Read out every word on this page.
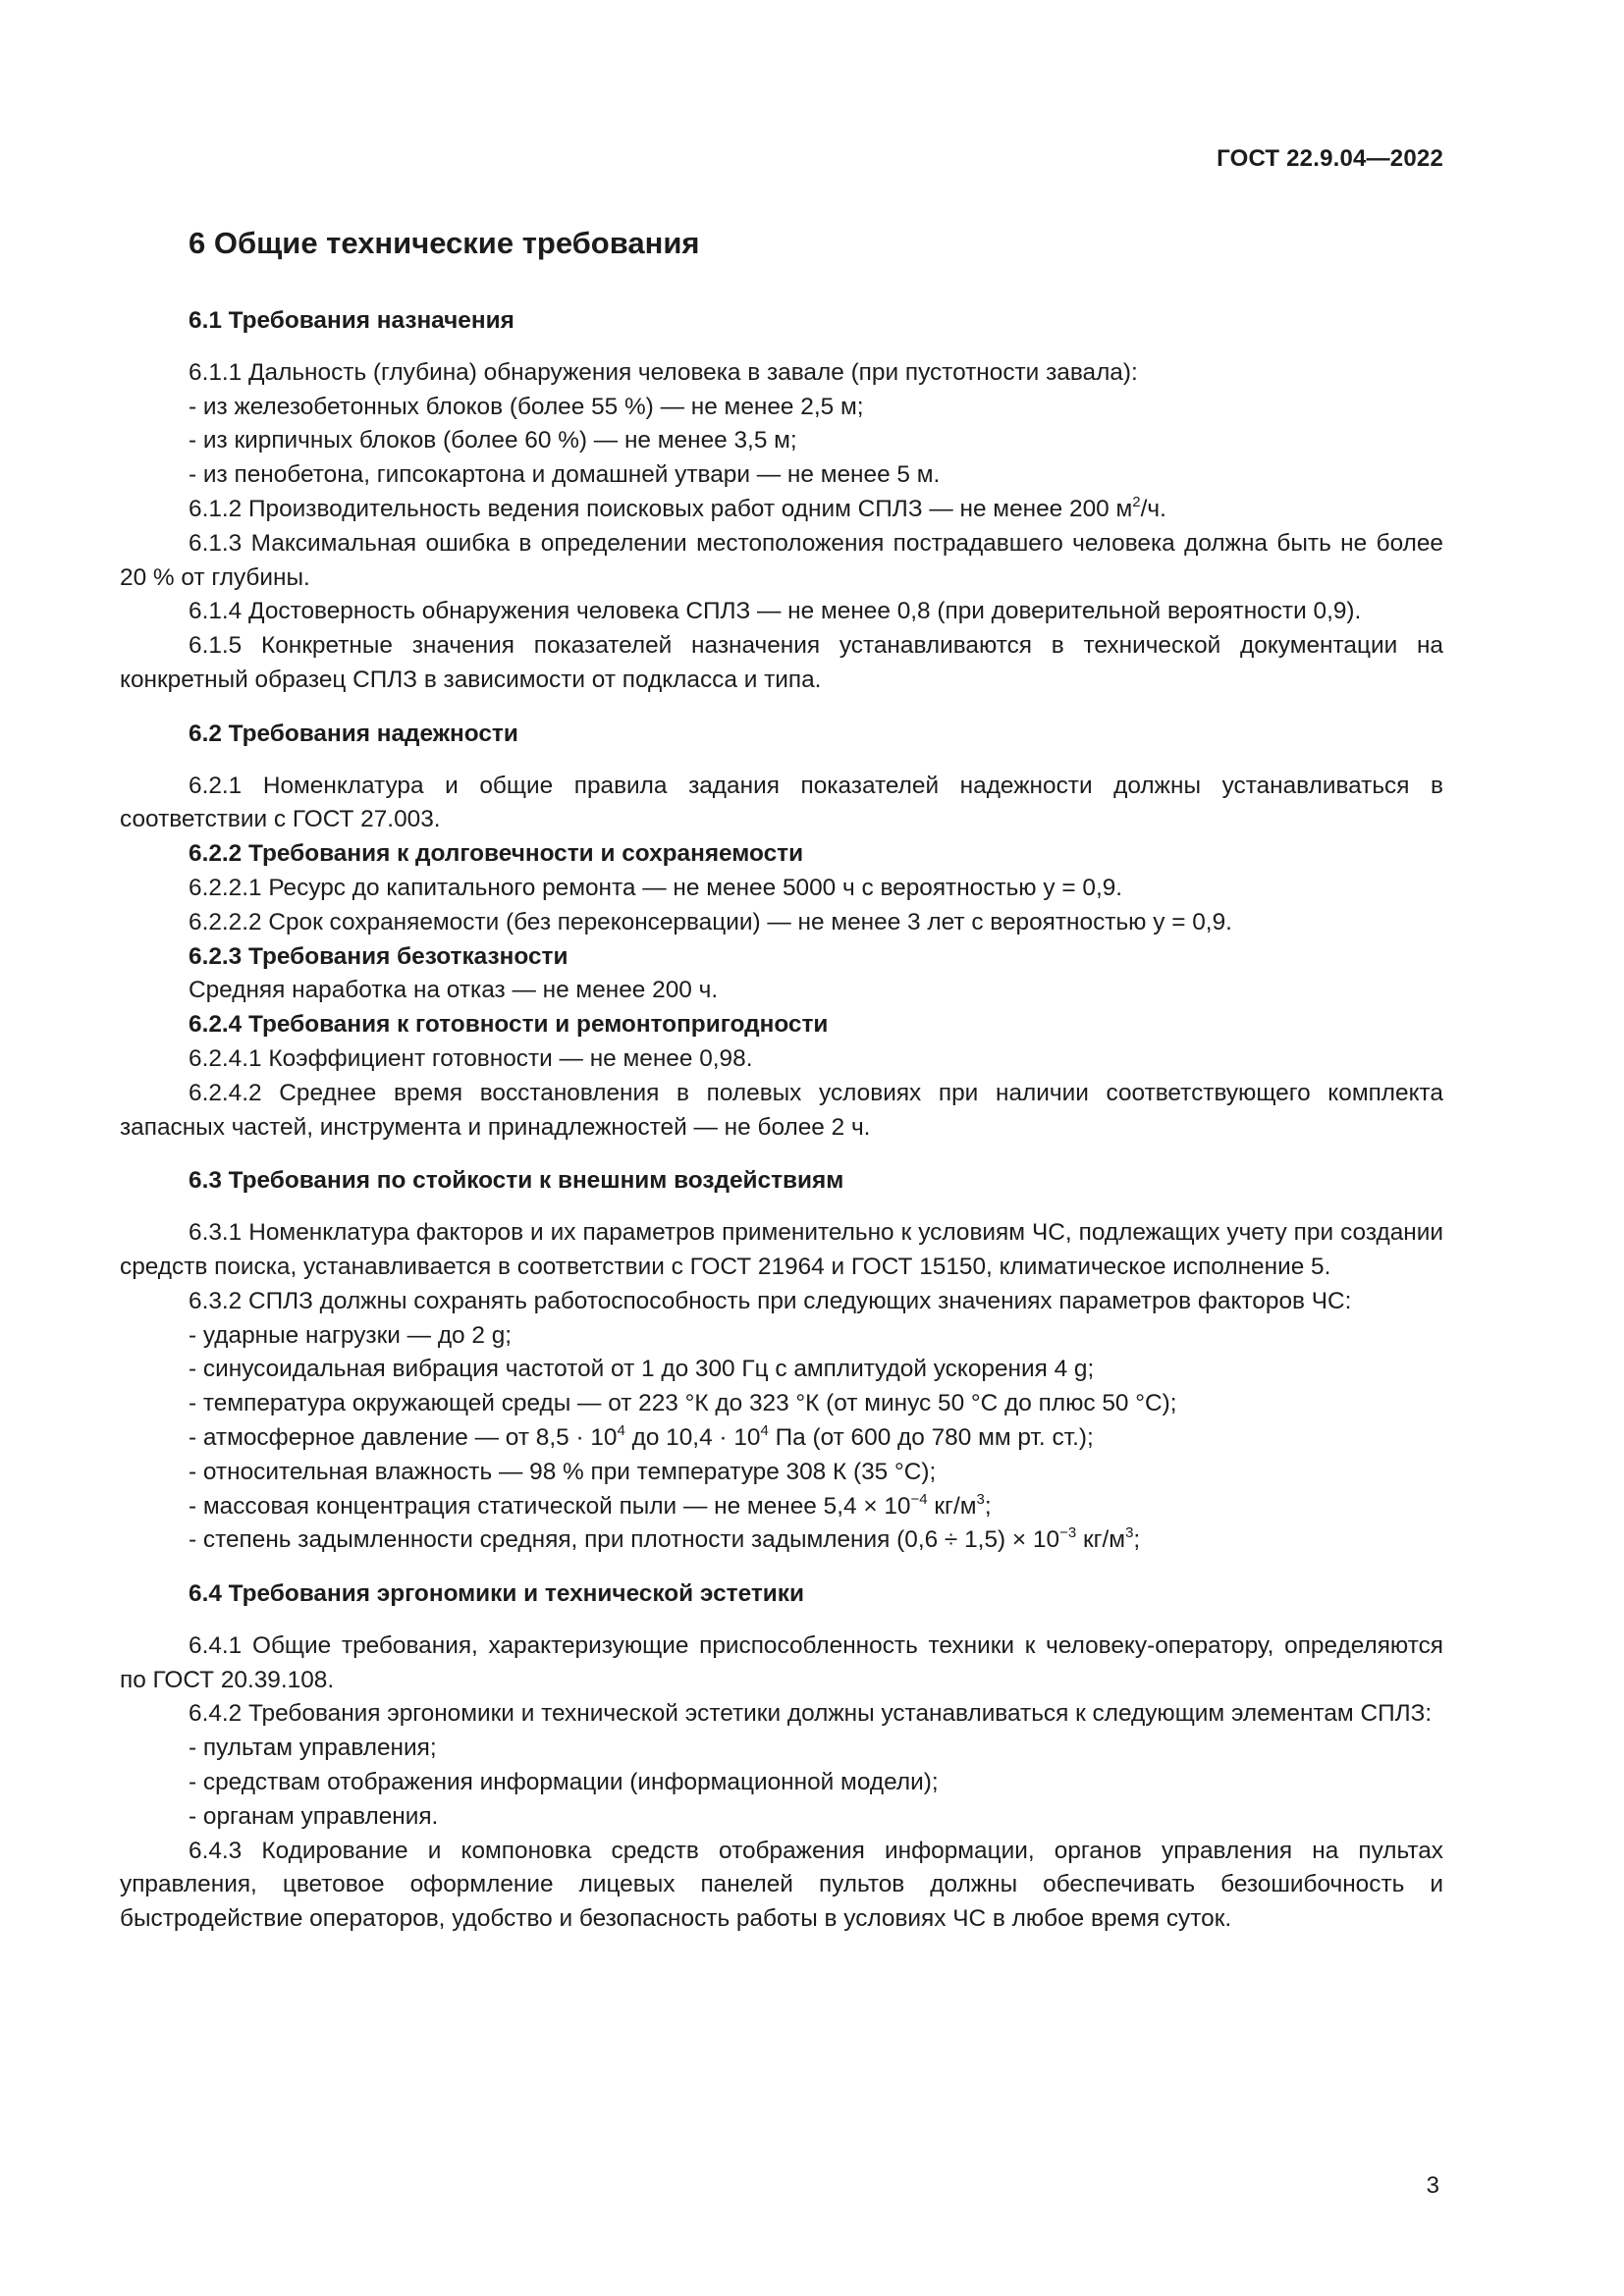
ГОСТ 22.9.04—2022
6 Общие технические требования
6.1 Требования назначения

6.1.1 Дальность (глубина) обнаружения человека в завале (при пустотности завала):

- из железобетонных блоков (более 55 %) — не менее 2,5 м;

- из кирпичных блоков (более 60 %) — не менее 3,5 м;

- из пенобетона, гипсокартона и домашней утвари — не менее 5 м.

6.1.2 Производительность ведения поисковых работ одним СПЛЗ — не менее 200 $м^2/ч$.

6.1.3 Максимальная ошибка в определении местоположения пострадавшего человека должна быть не более 20 % от глубины.

6.1.4 Достоверность обнаружения человека СПЛЗ — не менее 0,8 (при доверительной вероятности 0,9).

6.1.5 Конкретные значения показателей назначения устанавливаются в технической документации на конкретный образец СПЛЗ в зависимости от подкласса и типа.

6.2 Требования надежности

6.2.1 Номенклатура и общие правила задания показателей надежности должны устанавливаться в соответствии с ГОСТ 27.003.

6.2.2 Требования к долговечности и сохраняемости

6.2.2.1 Ресурс до капитального ремонта — не менее 5000 ч с вероятностью y = 0,9.

6.2.2.2 Срок сохраняемости (без переконсервации) — не менее 3 лет с вероятностью y = 0,9.

6.2.3 Требования безотказности

Средняя наработка на отказ — не менее 200 ч.

6.2.4 Требования к готовности и ремонтопригодности

6.2.4.1 Коэффициент готовности — не менее 0,98.

6.2.4.2 Среднее время восстановления в полевых условиях при наличии соответствующего комплекта запасных частей, инструмента и принадлежностей — не более 2 ч.

6.3 Требования по стойкости к внешним воздействиям

6.3.1 Номенклатура факторов и их параметров применительно к условиям ЧС, подлежащих учету при создании средств поиска, устанавливается в соответствии с ГОСТ 21964 и ГОСТ 15150, климатическое исполнение 5.

6.3.2 СПЛЗ должны сохранять работоспособность при следующих значениях параметров факторов ЧС:

- ударные нагрузки — до 2 g;

- синусоидальная вибрация частотой от 1 до 300 Гц с амплитудой ускорения 4 g;

- температура окружающей среды — от 223 °К до 323 °К (от минус 50 °С до плюс 50 °С);

- атмосферное давление — от $8,5 \cdot 10^4$ до $10,4 \cdot 10^4$ Па (от 600 до 780 мм рт. ст.);

- относительная влажность — 98 % при температуре 308 К (35 °С);

- массовая концентрация статической пыли — не менее $5,4 \times 10^{-4}$ $кг/м^3$;

- степень задымленности средняя, при плотности задымления $(0,6 \div 1,5) \times 10^{-3}$ $кг/м^3$;

6.4 Требования эргономики и технической эстетики

6.4.1 Общие требования, характеризующие приспособленность техники к человеку-оператору, определяются по ГОСТ 20.39.108.

6.4.2 Требования эргономики и технической эстетики должны устанавливаться к следующим элементам СПЛЗ:

- пультам управления;

- средствам отображения информации (информационной модели);

- органам управления.

6.4.3 Кодирование и компоновка средств отображения информации, органов управления на пультах управления, цветовое оформление лицевых панелей пультов должны обеспечивать безошибочность и быстродействие операторов, удобство и безопасность работы в условиях ЧС в любое время суток.

3
